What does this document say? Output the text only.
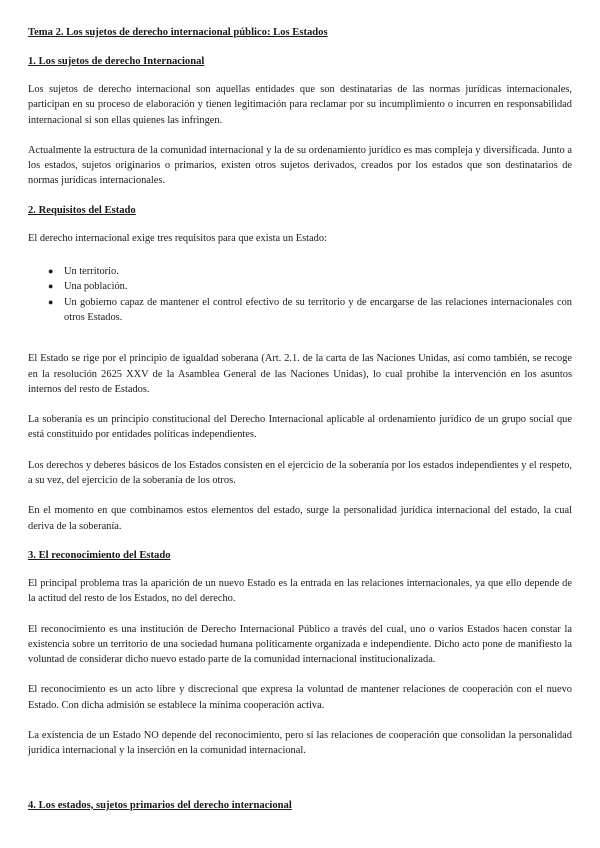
Tema 2. Los sujetos de derecho internacional público: Los Estados
1. Los sujetos de derecho Internacional

Los sujetos de derecho internacional son aquellas entidades que son destinatarias de las normas jurídicas internacionales, participan en su proceso de elaboración y tienen legitimación para reclamar por su incumplimiento o incurren en responsabilidad internacional si son ellas quienes las infringen.

Actualmente la estructura de la comunidad internacional y la de su ordenamiento jurídico es mas compleja y diversificada. Junto a los estados, sujetos originarios o primarios, existen otros sujetos derivados, creados por los estados que son destinatarios de normas jurídicas internacionales.

2. Requisitos del Estado

El derecho internacional exige tres requisitos para que exista un Estado:

● Un territorio.
● Una población.
● Un gobierno capaz de mantener el control efectivo de su territorio y de encargarse de las relaciones internacionales con otros Estados.

El Estado se rige por el principio de igualdad soberana (Art. 2.1. de la carta de las Naciones Unidas, así como también, se recoge en la resolución 2625 XXV de la Asamblea General de las Naciones Unidas), lo cual prohibe la intervención en los asuntos internos del resto de Estados.

La soberanía es un principio constitucional del Derecho Internacional aplicable al ordenamiento jurídico de un grupo social que está constituido por entidades políticas independientes.

Los derechos y deberes básicos de los Estados consisten en el ejercicio de la soberanía por los estados independientes y el respeto, a su vez, del ejercicio de la soberanía de los otros.

En el momento en que combinamos estos elementos del estado, surge la personalidad jurídica internacional del estado, la cual deriva de la soberanía.

3. El reconocimiento del Estado

El principal problema tras la aparición de un nuevo Estado es la entrada en las relaciones internacionales, ya que ello depende de la actitud del resto de los Estados, no del derecho.

El reconocimiento es una institución de Derecho Internacional Público a través del cual, uno o varios Estados hacen constar la existencia sobre un territorio de una sociedad humana políticamente organizada e independiente. Dicho acto pone de manifiesto la voluntad de considerar dicho nuevo estado parte de la comunidad internacional institucionalizada.

El reconocimiento es un acto libre y discrecional que expresa la voluntad de mantener relaciones de cooperación con el nuevo Estado. Con dicha admisión se establece la mínima cooperación activa.

La existencia de un Estado NO depende del reconocimiento, pero sí las relaciones de cooperación que consolidan la personalidad jurídica internacional y la inserción en la comunidad internacional.

4. Los estados, sujetos primarios del derecho internacional
